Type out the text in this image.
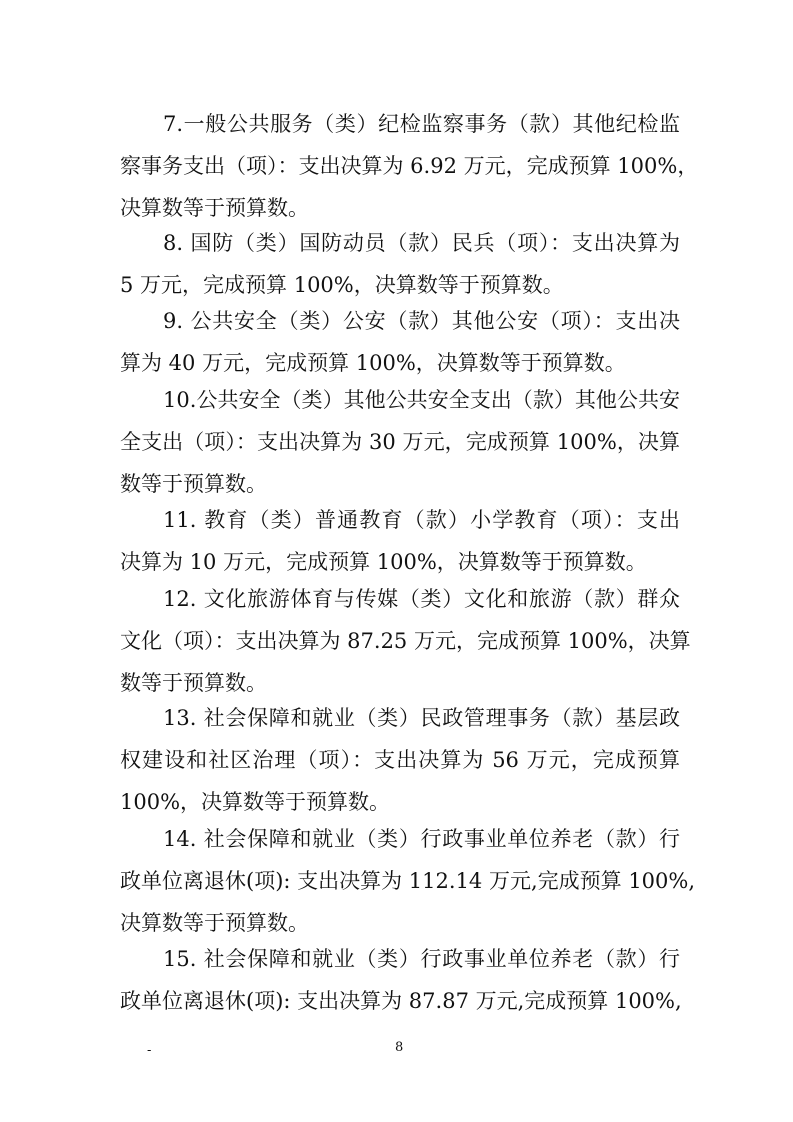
7.一般公共服务（类）纪检监察事务（款）其他纪检监
察事务支出（项）：支出决算为 6.92 万元，完成预算 100%，
决算数等于预算数。
8. 国防（类）国防动员（款）民兵（项）：支出决算为
5 万元，完成预算 100%，决算数等于预算数。
9. 公共安全（类）公安（款）其他公安（项）：支出决
算为 40 万元，完成预算 100%，决算数等于预算数。
10.公共安全（类）其他公共安全支出（款）其他公共安
全支出（项）：支出决算为 30 万元，完成预算 100%，决算
数等于预算数。
11. 教育（类）普通教育（款）小学教育（项）：支出
决算为 10 万元，完成预算 100%，决算数等于预算数。
12. 文化旅游体育与传媒（类）文化和旅游（款）群众
文化（项）：支出决算为 87.25 万元，完成预算 100%，决算
数等于预算数。
13. 社会保障和就业（类）民政管理事务（款）基层政
权建设和社区治理（项）：支出决算为 56 万元，完成预算
100%，决算数等于预算数。
14. 社会保障和就业（类）行政事业单位养老（款）行
政单位离退休(项): 支出决算为 112.14 万元,完成预算 100%,
决算数等于预算数。
15. 社会保障和就业（类）行政事业单位养老（款）行
政单位离退休(项): 支出决算为 87.87 万元,完成预算 100%,
-	8
